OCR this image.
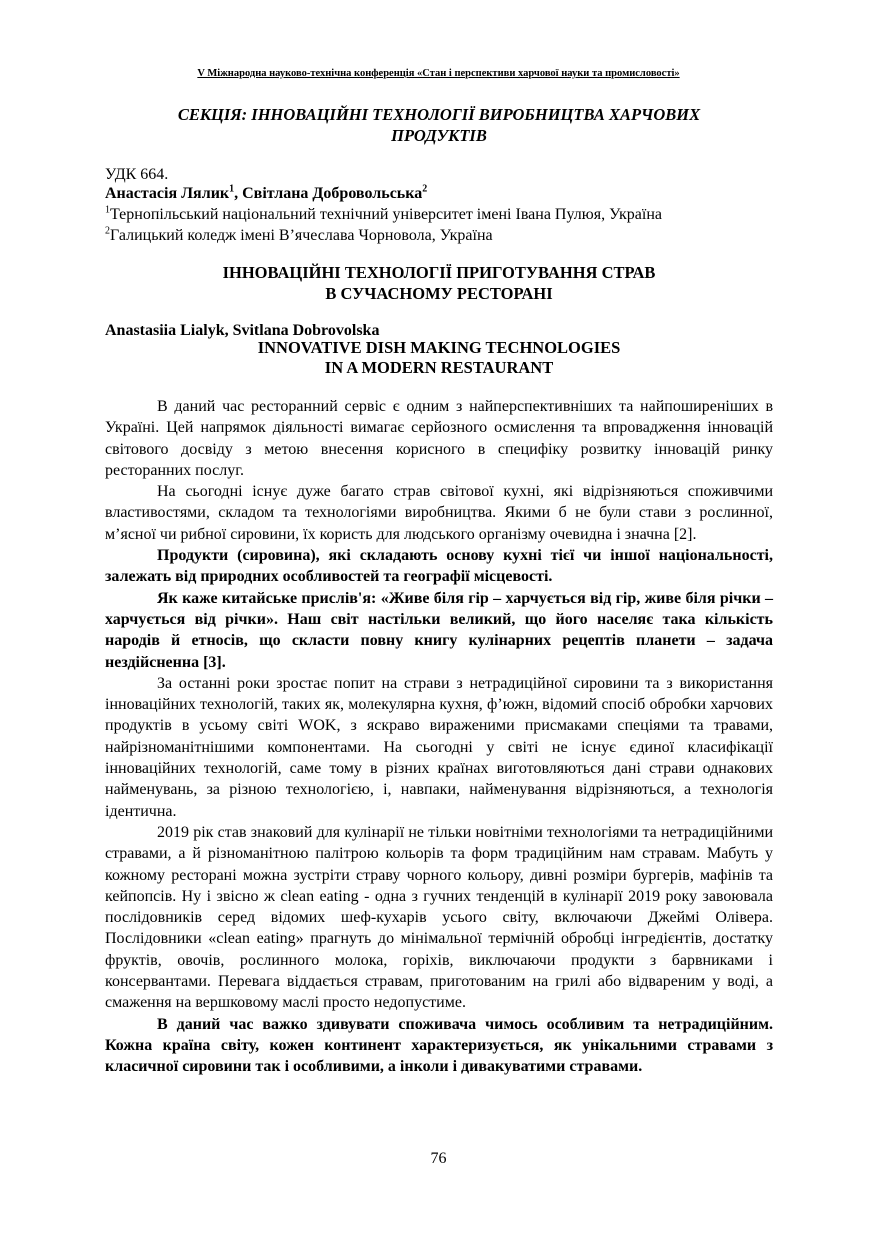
V Міжнародна науково-технічна конференція «Стан і перспективи харчової науки та промисловості»
СЕКЦІЯ: ІННОВАЦІЙНІ ТЕХНОЛОГІЇ ВИРОБНИЦТВА ХАРЧОВИХ
ПРОДУКТІВ
УДК 664.
Анастасія Лялик$^1$, Світлана Добровольська$^2$
$^1$Тернопільський національний технічний університет імені Івана Пулюя, Україна
$^2$Галицький коледж імені В’ячеслава Чорновола, Україна
ІННОВАЦІЙНІ ТЕХНОЛОГІЇ ПРИГОТУВАННЯ СТРАВ
В СУЧАСНОМУ РЕСТОРАНІ
Anastasiia Lialyk, Svitlana Dobrovolska
INNOVATIVE DISH MAKING TECHNOLOGIES
IN A MODERN RESTAURANT

В даний час ресторанний сервіс є одним з найперспективніших та найпоширеніших в Україні. Цей напрямок діяльності вимагає серйозного осмислення та впровадження інновацій світового досвіду з метою внесення корисного в специфіку розвитку інновацій ринку ресторанних послуг.

На сьогодні існує дуже багато страв світової кухні, які відрізняються споживчими властивостями, складом та технологіями виробництва. Якими б не були стави з рослинної, м’ясної чи рибної сировини, їх користь для людського організму очевидна і значна [2].

Продукти (сировина), які складають основу кухні тієї чи іншої національності, залежать від природних особливостей та географії місцевості.

Як каже китайське прислів'я: «Живе біля гір – харчується від гір, живе біля річки – харчується від річки». Наш світ настільки великий, що його населяє така кількість народів й етносів, що скласти повну книгу кулінарних рецептів планети – задача нездійсненна [3].

За останні роки зростає попит на страви з нетрадиційної сировини та з використання інноваційних технологій, таких як, молекулярна кухня, ф’южн, відомий спосіб обробки харчових продуктів в усьому світі WOK, з яскраво вираженими присмаками спеціями та травами, найрізноманітнішими компонентами. На сьогодні у світі не існує єдиної класифікації інноваційних технологій, саме тому в різних країнах виготовляються дані страви однакових найменувань, за різною технологією, і, навпаки, найменування відрізняються, а технологія ідентична.

2019 рік став знаковий для кулінарії не тільки новітніми технологіями та нетрадиційними стравами, а й різноманітною палітрою кольорів та форм традиційним нам стравам. Мабуть у кожному ресторані можна зустріти страву чорного кольору, дивні розміри бургерів, мафінів та кейпопсів. Ну і звісно ж clean eating - одна з гучних тенденцій в кулінарії 2019 року завоювала послідовників серед відомих шеф-кухарів усього світу, включаючи Джеймі Олівера. Послідовники «clean eating» прагнуть до мінімальної термічній обробці інгредієнтів, достатку фруктів, овочів, рослинного молока, горіхів, виключаючи продукти з барвниками і консервантами. Перевага віддається стравам, приготованим на грилі або відвареним у воді, а смаження на вершковому маслі просто недопустиме.

В даний час важко здивувати споживача чимось особливим та нетрадиційним. Кожна країна світу, кожен континент характеризується, як унікальними стравами з класичної сировини так і особливими, а інколи і дивакуватими стравами.

76
